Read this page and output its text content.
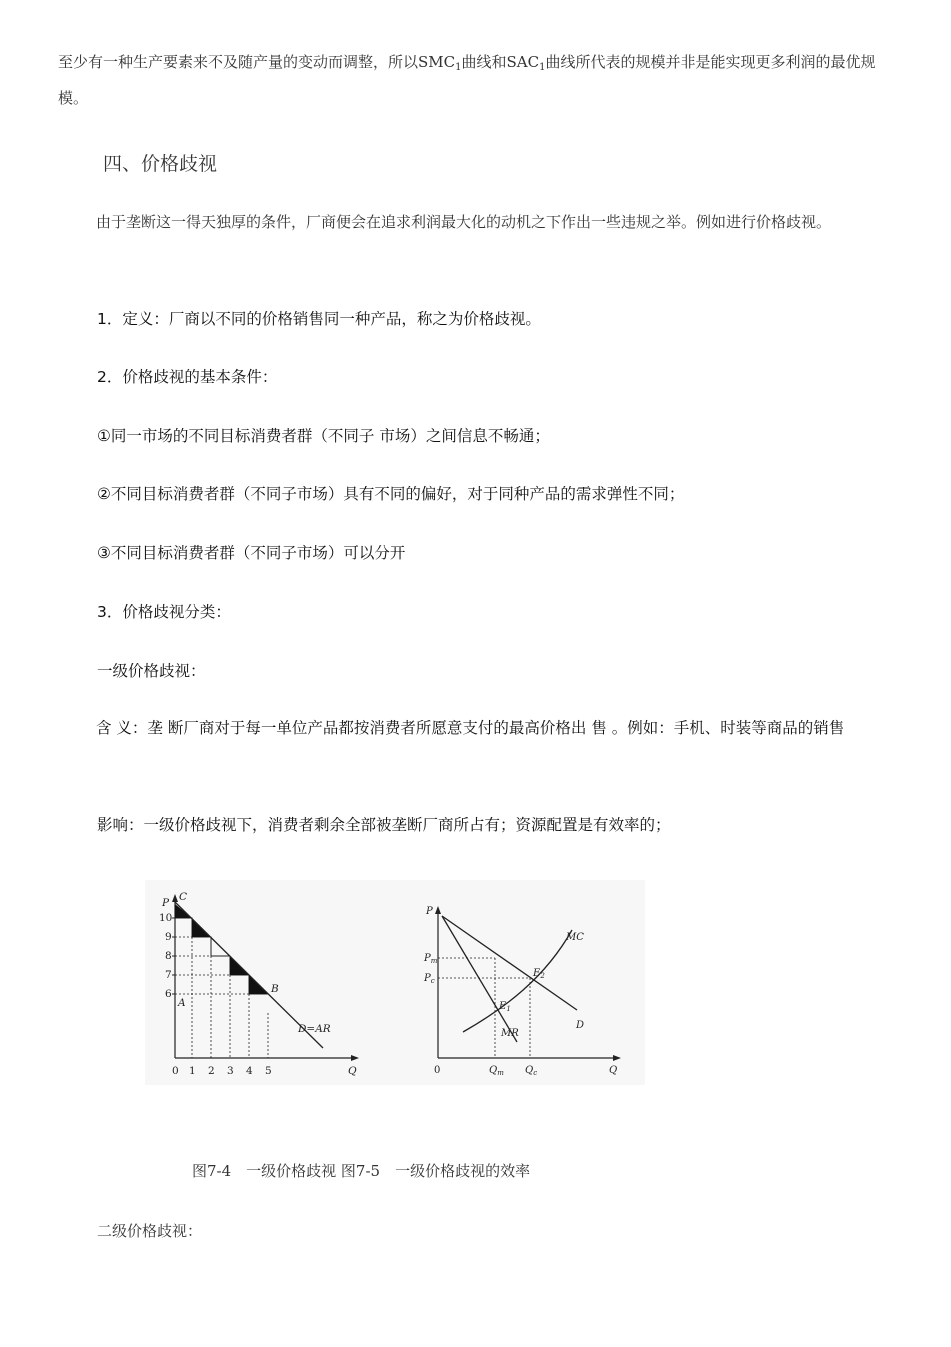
至少有一种生产要素来不及随产量的变动而调整，所以$SMC_1$曲线和$SAC_1$曲线所代表的规模并非是能实现更多利润的最优规模。

四、价格歧视

由于垄断这一得天独厚的条件，厂商便会在追求利润最大化的动机之下作出一些违规之举。例如进行价格歧视。

1．定义：厂商以不同的价格销售同一种产品，称之为价格歧视。
2．价格歧视的基本条件：
①同一市场的不同目标消费者群（不同子 市场）之间信息不畅通；
②不同目标消费者群（不同子市场）具有不同的偏好，对于同种产品的需求弹性不同；
③不同目标消费者群（不同子市场）可以分开
3．价格歧视分类：
一级价格歧视：

含 义：垄 断厂商对于每一单位产品都按消费者所愿意支付的最高价格出 售 。例如：手机、时装等商品的销售

影响：一级价格歧视下，消费者剩余全部被垄断厂商所占有；资源配置是有效率的；
P C
10
9
8
7
6
A
B
D=AR
0 1 2 3 4 5	Q
P
MC
$P_m$
$P_c$
$E_2$
$E_1$
MR
D
0	$Q_m$ $Q_c$	Q
图7-4　一级价格歧视 图7-5　一级价格歧视的效率
二级价格歧视：
